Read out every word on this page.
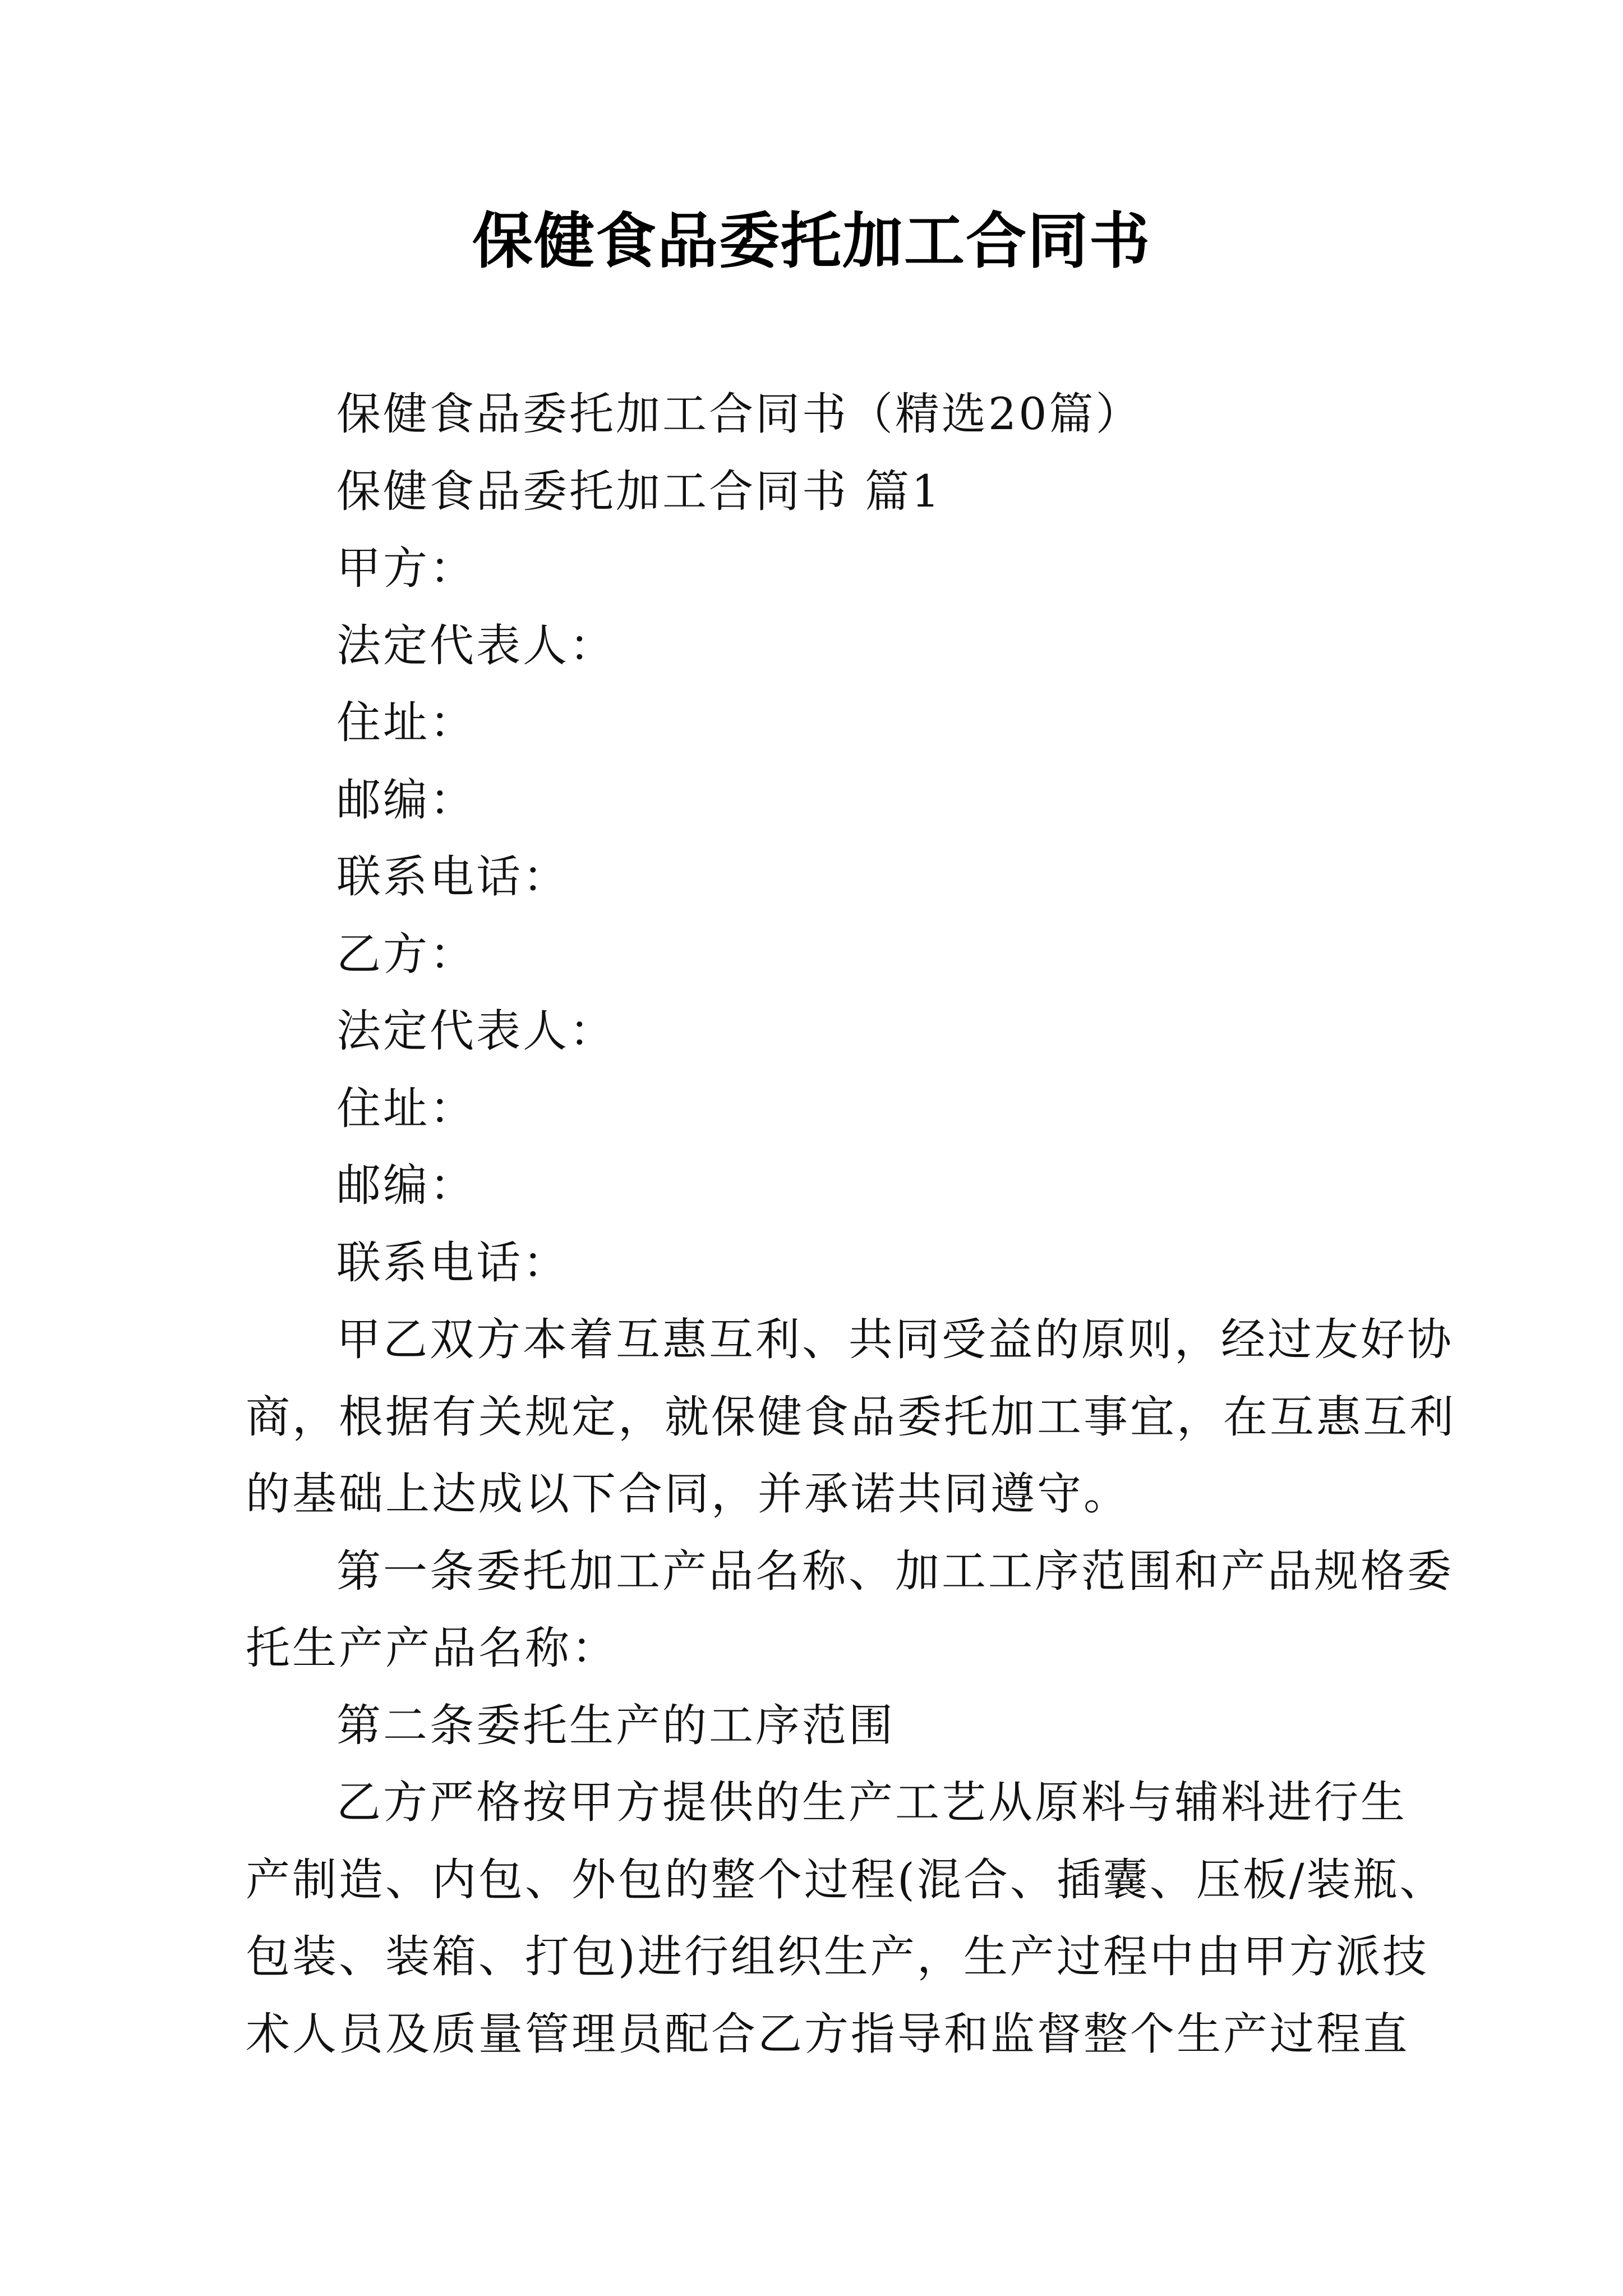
保健食品委托加工合同书
保健食品委托加工合同书（精选20篇）
保健食品委托加工合同书 篇1
甲方：
法定代表人：
住址：
邮编：
联系电话：
乙方：
法定代表人：
住址：
邮编：
联系电话：
甲乙双方本着互惠互利、共同受益的原则，经过友好协
商，根据有关规定，就保健食品委托加工事宜，在互惠互利
的基础上达成以下合同，并承诺共同遵守。
第一条委托加工产品名称、加工工序范围和产品规格委
托生产产品名称：
第二条委托生产的工序范围
乙方严格按甲方提供的生产工艺从原料与辅料进行生
产制造、内包、外包的整个过程(混合、插囊、压板/装瓶、
包装、装箱、打包)进行组织生产，生产过程中由甲方派技
术人员及质量管理员配合乙方指导和监督整个生产过程直
